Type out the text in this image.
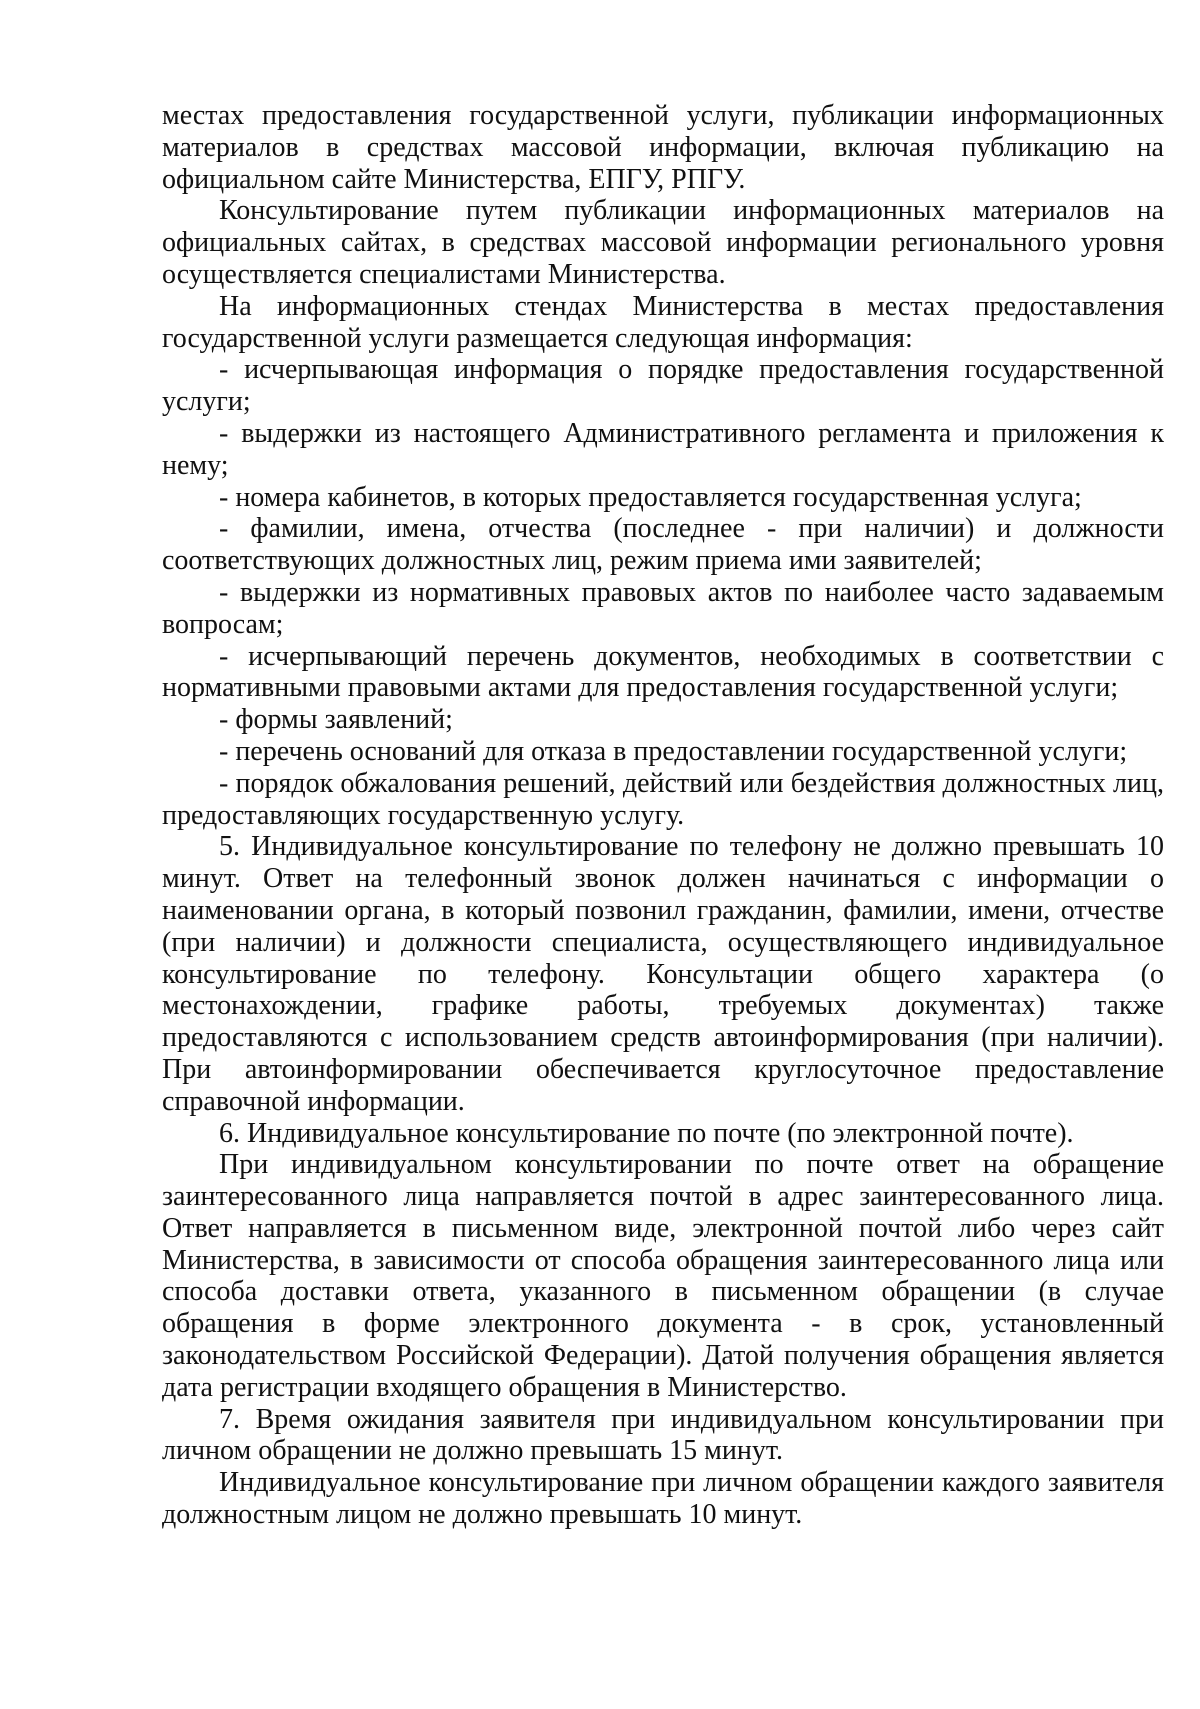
местах предоставления государственной услуги, публикации информационных материалов в средствах массовой информации, включая публикацию на официальном сайте Министерства, ЕПГУ, РПГУ.

Консультирование путем публикации информационных материалов на официальных сайтах, в средствах массовой информации регионального уровня осуществляется специалистами Министерства.

На информационных стендах Министерства в местах предоставления государственной услуги размещается следующая информация:

- исчерпывающая информация о порядке предоставления государственной услуги;

- выдержки из настоящего Административного регламента и приложения к нему;

- номера кабинетов, в которых предоставляется государственная услуга;

- фамилии, имена, отчества (последнее - при наличии) и должности соответствующих должностных лиц, режим приема ими заявителей;

- выдержки из нормативных правовых актов по наиболее часто задаваемым вопросам;

- исчерпывающий перечень документов, необходимых в соответствии с нормативными правовыми актами для предоставления государственной услуги;

- формы заявлений;

- перечень оснований для отказа в предоставлении государственной услуги;

- порядок обжалования решений, действий или бездействия должностных лиц, предоставляющих государственную услугу.

5. Индивидуальное консультирование по телефону не должно превышать 10 минут. Ответ на телефонный звонок должен начинаться с информации о наименовании органа, в который позвонил гражданин, фамилии, имени, отчестве (при наличии) и должности специалиста, осуществляющего индивидуальное консультирование по телефону. Консультации общего характера (о местонахождении, графике работы, требуемых документах) также предоставляются с использованием средств автоинформирования (при наличии). При автоинформировании обеспечивается круглосуточное предоставление справочной информации.

6. Индивидуальное консультирование по почте (по электронной почте).

При индивидуальном консультировании по почте ответ на обращение заинтересованного лица направляется почтой в адрес заинтересованного лица. Ответ направляется в письменном виде, электронной почтой либо через сайт Министерства, в зависимости от способа обращения заинтересованного лица или способа доставки ответа, указанного в письменном обращении (в случае обращения в форме электронного документа - в срок, установленный законодательством Российской Федерации). Датой получения обращения является дата регистрации входящего обращения в Министерство.

7. Время ожидания заявителя при индивидуальном консультировании при личном обращении не должно превышать 15 минут.

Индивидуальное консультирование при личном обращении каждого заявителя должностным лицом не должно превышать 10 минут.
